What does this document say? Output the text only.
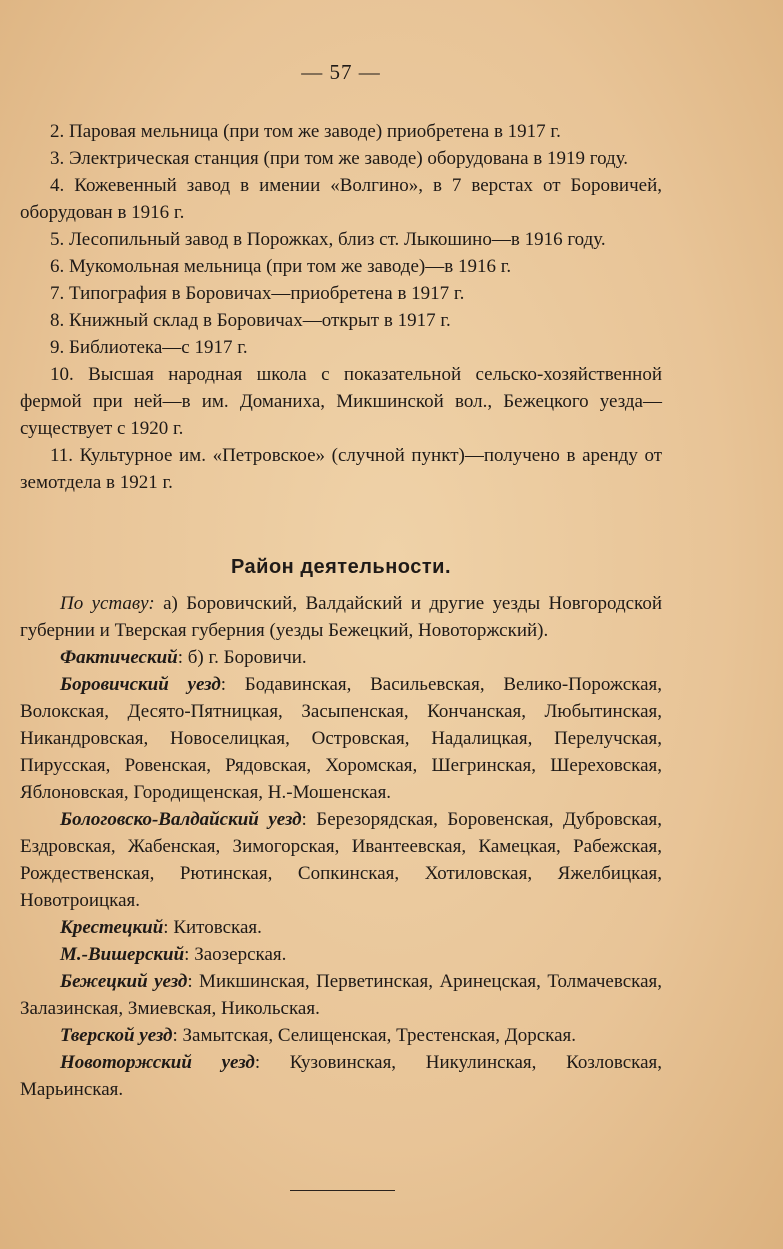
— 57 —

2. Паровая мельница (при том же заводе) приобретена в 1917 г.

3. Электрическая станция (при том же заводе) оборудована в 1919 году.

4. Кожевенный завод в имении «Волгино», в 7 верстах от Боровичей, оборудован в 1916 г.

5. Лесопильный завод в Порожках, близ ст. Лыкошино—в 1916 году.

6. Мукомольная мельница (при том же заводе)—в 1916 г.

7. Типография в Боровичах—приобретена в 1917 г.

8. Книжный склад в Боровичах—открыт в 1917 г.

9. Библиотека—с 1917 г.

10. Высшая народная школа с показательной сельско-хозяйственной фермой при ней—в им. Доманиха, Микшинской вол., Бежецкого уезда—существует с 1920 г.

11. Культурное им. «Петровское» (случной пункт)—получено в аренду от земотдела в 1921 г.

Район деятельности.

По уставу: а) Боровичский, Валдайский и другие уезды Новгородской губернии и Тверская губерния (уезды Бежецкий, Новоторжский).

Фактический: б) г. Боровичи.

Боровичский уезд: Бодавинская, Васильевская, Велико-Порожская, Волокская, Десято-Пятницкая, Засыпенская, Кончанская, Любытинская, Никандровская, Новоселицкая, Островская, Надалицкая, Перелучская, Пирусская, Ровенская, Рядовская, Хоромская, Шегринская, Шереховская, Яблоновская, Городищенская, Н.-Мошенская.

Бологовско-Валдайский уезд: Березорядская, Боровенская, Дубровская, Ездровская, Жабенская, Зимогорская, Ивантеевская, Камецкая, Рабежская, Рождественская, Рютинская, Сопкинская, Хотиловская, Яжелбицкая, Новотроицкая.

Крестецкий: Китовская.

М.-Вишерский: Заозерская.

Бежецкий уезд: Микшинская, Перветинская, Аринецская, Толмачевская, Залазинская, Змиевская, Никольская.

Тверской уезд: Замытская, Селищенская, Трестенская, Дорская.

Новоторжский уезд: Кузовинская, Никулинская, Козловская, Марьинская.
